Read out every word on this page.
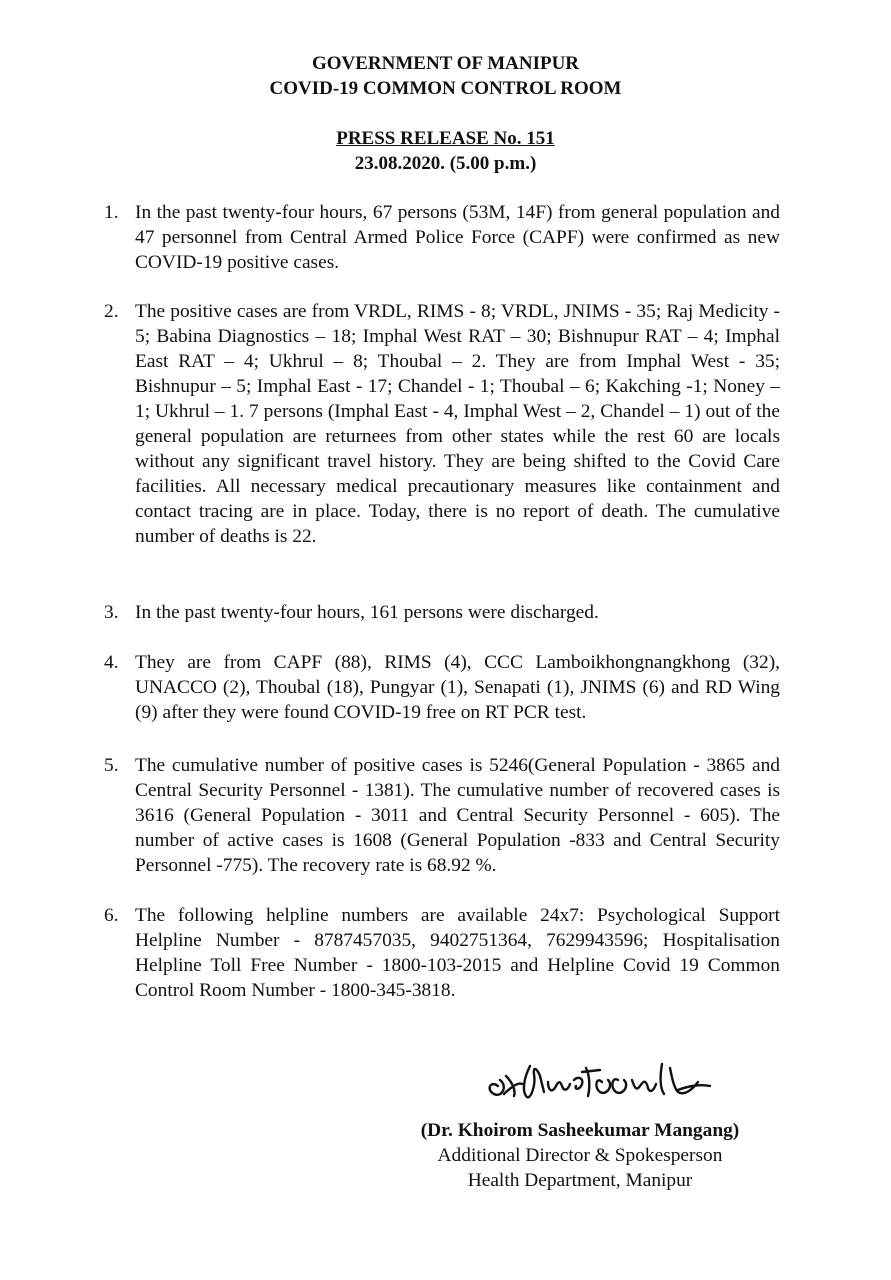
GOVERNMENT OF MANIPUR
COVID-19 COMMON CONTROL ROOM
PRESS RELEASE No. 151
23.08.2020. (5.00 p.m.)
1. In the past twenty-four hours, 67 persons (53M, 14F) from general population and 47 personnel from Central Armed Police Force (CAPF) were confirmed as new COVID-19 positive cases.
2. The positive cases are from VRDL, RIMS - 8; VRDL, JNIMS - 35; Raj Medicity - 5; Babina Diagnostics – 18; Imphal West RAT – 30; Bishnupur RAT – 4; Imphal East RAT – 4; Ukhrul – 8; Thoubal – 2. They are from Imphal West - 35; Bishnupur – 5; Imphal East - 17; Chandel - 1; Thoubal – 6; Kakching -1; Noney – 1; Ukhrul – 1. 7 persons (Imphal East - 4, Imphal West – 2, Chandel – 1) out of the general population are returnees from other states while the rest 60 are locals without any significant travel history. They are being shifted to the Covid Care facilities. All necessary medical precautionary measures like containment and contact tracing are in place. Today, there is no report of death. The cumulative number of deaths is 22.
3. In the past twenty-four hours, 161 persons were discharged.
4. They are from CAPF (88), RIMS (4), CCC Lamboikhongnangkhong (32), UNACCO (2), Thoubal (18), Pungyar (1), Senapati (1), JNIMS (6) and RD Wing (9) after they were found COVID-19 free on RT PCR test.
5. The cumulative number of positive cases is 5246(General Population - 3865 and Central Security Personnel - 1381). The cumulative number of recovered cases is 3616 (General Population - 3011 and Central Security Personnel - 605). The number of active cases is 1608 (General Population -833 and Central Security Personnel -775). The recovery rate is 68.92 %.
6. The following helpline numbers are available 24x7: Psychological Support Helpline Number - 8787457035, 9402751364, 7629943596; Hospitalisation Helpline Toll Free Number - 1800-103-2015 and Helpline Covid 19 Common Control Room Number - 1800-345-3818.
(Dr. Khoirom Sasheekumar Mangang)
Additional Director & Spokesperson
Health Department, Manipur
